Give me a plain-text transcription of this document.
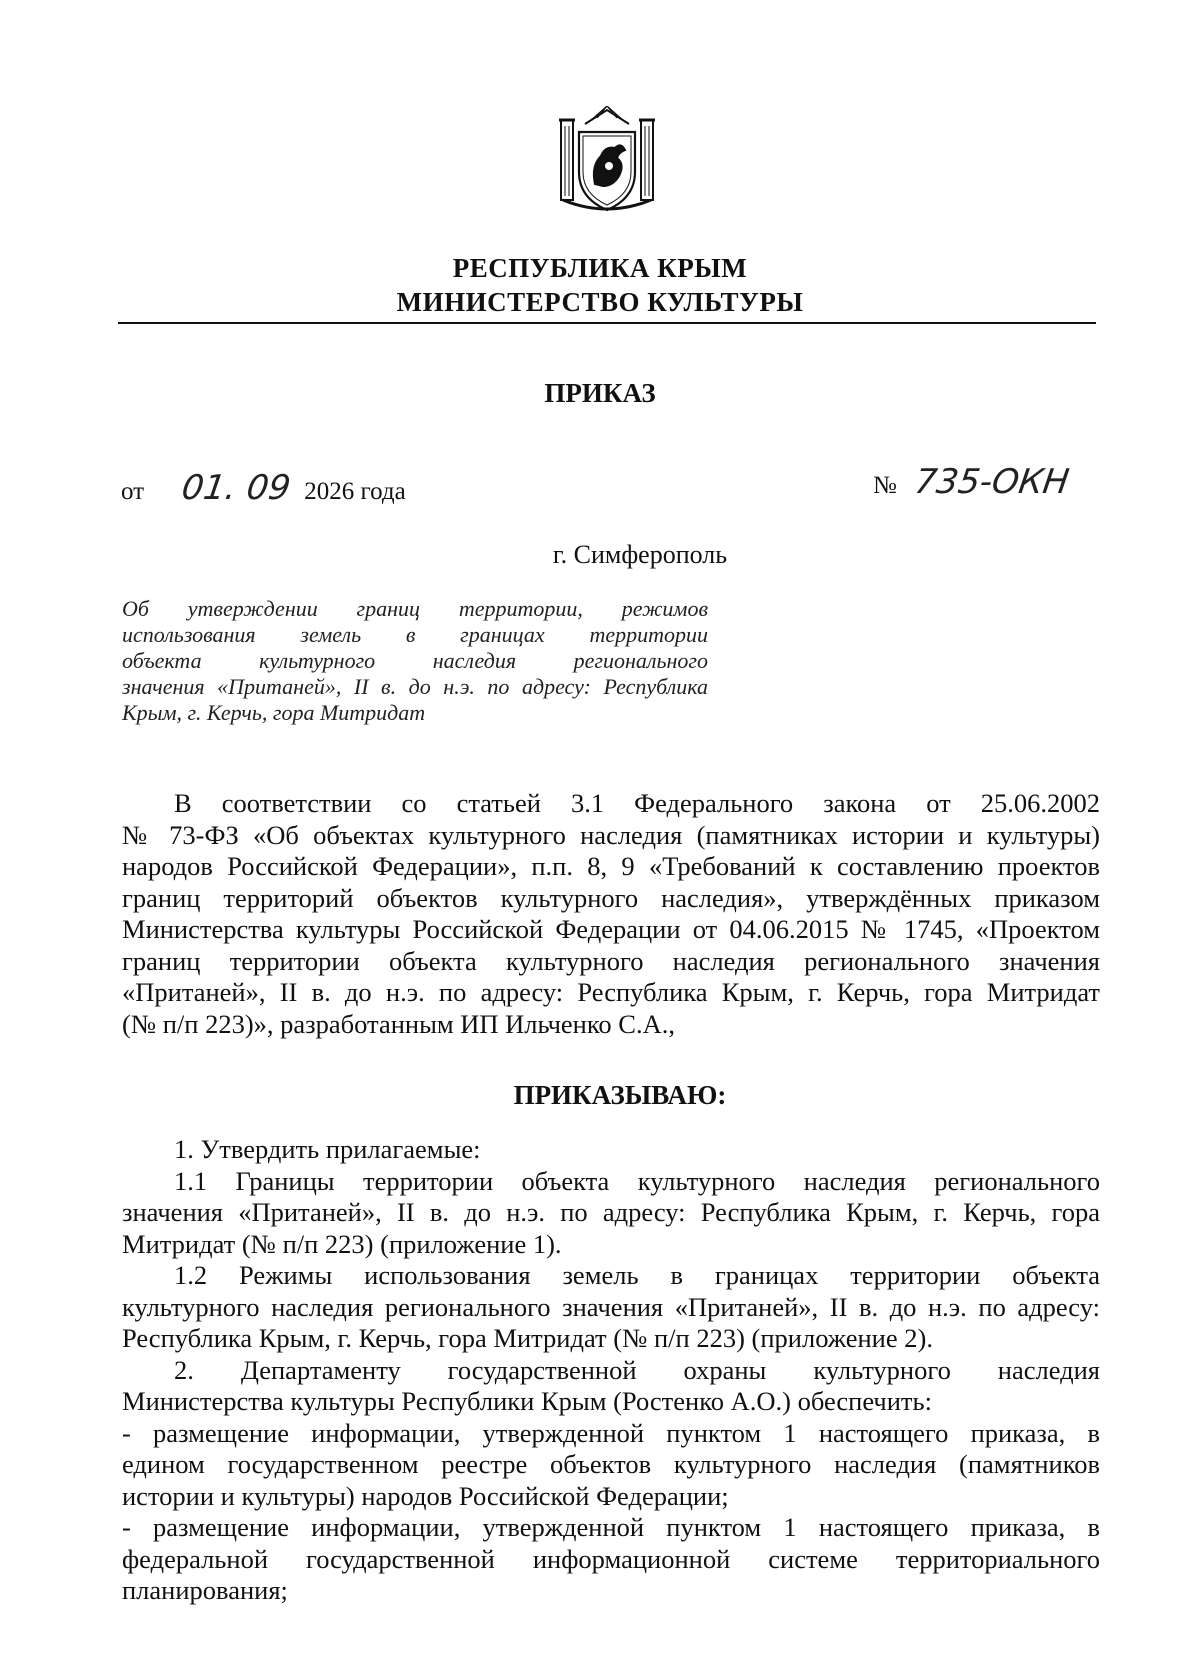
РЕСПУБЛИКА КРЫМ
МИНИСТЕРСТВО КУЛЬТУРЫ
ПРИКАЗ
от 01. 09 2026 года	№ 735-ОКН
г. Симферополь
Об утверждении границ территории, режимов
использования земель в границах территории
объекта культурного наследия регионального
значения «Пританей», II в. до н.э. по адресу: Республика
Крым, г. Керчь, гора Митридат
В соответствии со статьей 3.1 Федерального закона от 25.06.2002
№ 73-ФЗ «Об объектах культурного наследия (памятниках истории и культуры)
народов Российской Федерации», п.п. 8, 9 «Требований к составлению проектов
границ территорий объектов культурного наследия», утверждённых приказом
Министерства культуры Российской Федерации от 04.06.2015 № 1745, «Проектом
границ территории объекта культурного наследия регионального значения
«Пританей», II в. до н.э. по адресу: Республика Крым, г. Керчь, гора Митридат
(№ п/п 223)», разработанным ИП Ильченко С.А.,
ПРИКАЗЫВАЮ:
1. Утвердить прилагаемые:
1.1 Границы территории объекта культурного наследия регионального
значения «Пританей», II в. до н.э. по адресу: Республика Крым, г. Керчь, гора
Митридат (№ п/п 223) (приложение 1).
1.2 Режимы использования земель в границах территории объекта
культурного наследия регионального значения «Пританей», II в. до н.э. по адресу:
Республика Крым, г. Керчь, гора Митридат (№ п/п 223) (приложение 2).
2. Департаменту государственной охраны культурного наследия
Министерства культуры Республики Крым (Ростенко А.О.) обеспечить:
- размещение информации, утвержденной пунктом 1 настоящего приказа, в
едином государственном реестре объектов культурного наследия (памятников
истории и культуры) народов Российской Федерации;
- размещение информации, утвержденной пунктом 1 настоящего приказа, в
федеральной государственной информационной системе территориального
планирования;
